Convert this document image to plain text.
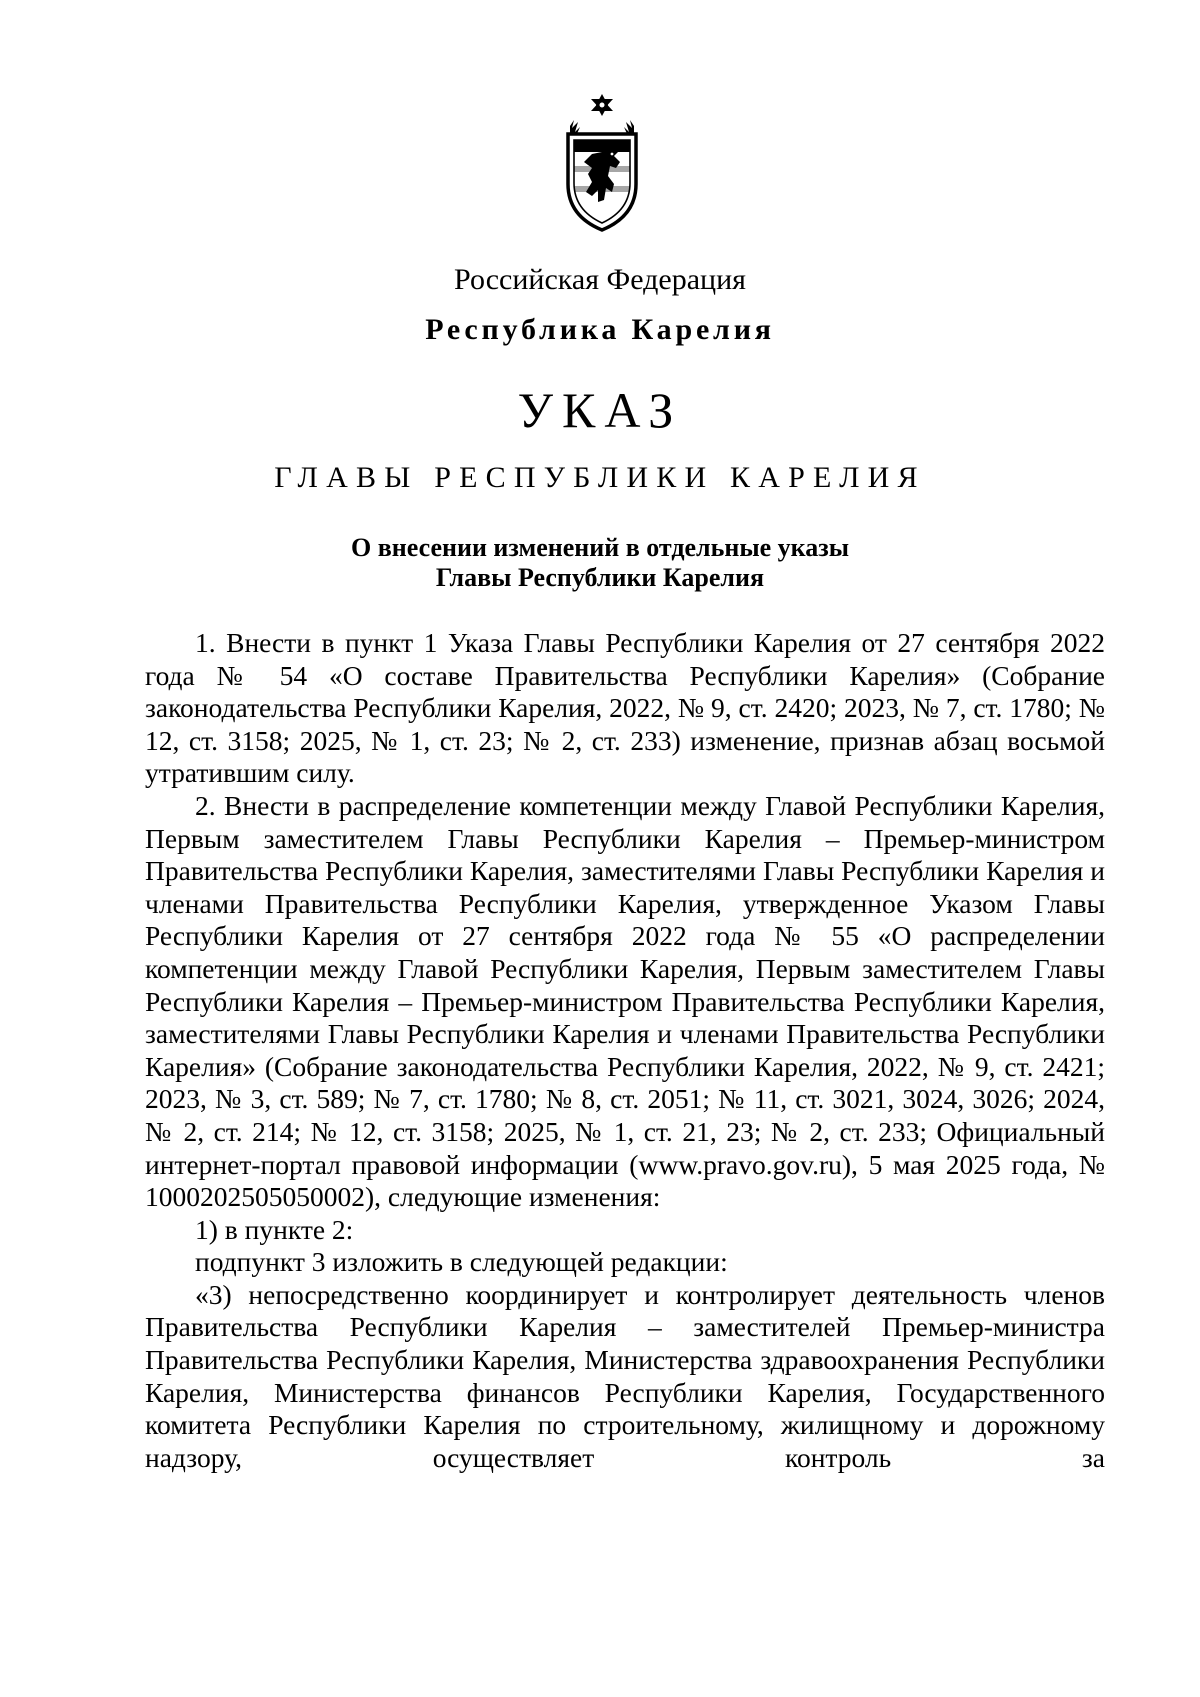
Российская Федерация
Республика Карелия
УКАЗ
ГЛАВЫ РЕСПУБЛИКИ КАРЕЛИЯ
О внесении изменений в отдельные указы
Главы Республики Карелия

1. Внести в пункт 1 Указа Главы Республики Карелия от 27 сентября 2022 года № 54 «О составе Правительства Республики Карелия» (Собрание законодательства Республики Карелия, 2022, № 9, ст. 2420; 2023, № 7, ст. 1780; № 12, ст. 3158; 2025, № 1, ст. 23; № 2, ст. 233) изменение, признав абзац восьмой утратившим силу.

2. Внести в распределение компетенции между Главой Республики Карелия, Первым заместителем Главы Республики Карелия – Премьер-министром Правительства Республики Карелия, заместителями Главы Республики Карелия и членами Правительства Республики Карелия, утвержденное Указом Главы Республики Карелия от 27 сентября 2022 года № 55 «О распределении компетенции между Главой Республики Карелия, Первым заместителем Главы Республики Карелия – Премьер-министром Правительства Республики Карелия, заместителями Главы Республики Карелия и членами Правительства Республики Карелия» (Собрание законодательства Республики Карелия, 2022, № 9, ст. 2421; 2023, № 3, ст. 589; № 7, ст. 1780; № 8, ст. 2051; № 11, ст. 3021, 3024, 3026; 2024, № 2, ст. 214; № 12, ст. 3158; 2025, № 1, ст. 21, 23; № 2, ст. 233; Официальный интернет-портал правовой информации (www.pravo.gov.ru), 5 мая 2025 года, № 1000202505050002), следующие изменения:

1) в пункте 2:

подпункт 3 изложить в следующей редакции:

«3) непосредственно координирует и контролирует деятельность членов Правительства Республики Карелия – заместителей Премьер-министра Правительства Республики Карелия, Министерства здравоохранения Республики Карелия, Министерства финансов Республики Карелия, Государственного комитета Республики Карелия по строительному, жилищному и дорожному надзору, осуществляет контроль за
